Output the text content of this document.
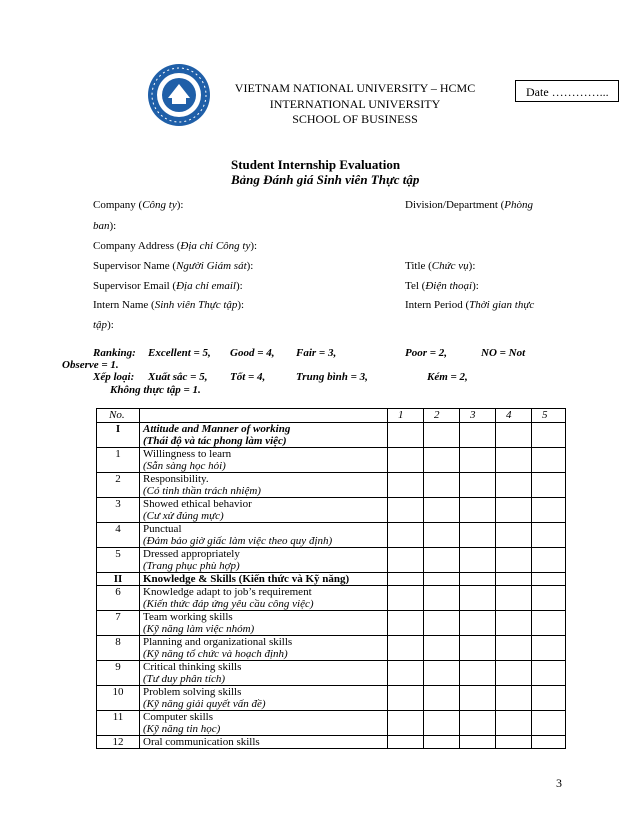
VIETNAM NATIONAL UNIVERSITY – HCMC
INTERNATIONAL UNIVERSITY
SCHOOL OF BUSINESS
Date …………...
Student Internship Evaluation
Bảng Đánh giá Sinh viên Thực tập
Company (Công ty):	Division/Department (Phòng
ban):
Company Address (Địa chỉ Công ty):
Supervisor Name (Người Giám sát):	Title (Chức vụ):
Supervisor Email (Địa chỉ email):	Tel (Điện thoại):
Intern Name (Sinh viên Thực tập):	Intern Period (Thời gian thực
tập):
Ranking: Excellent = 5, Good = 4, Fair = 3,	Poor = 2,	NO = Not
Observe = 1.
Xếp loại: Xuất sắc = 5, Tốt = 4,	Trung bình = 3,	Kém = 2,
Không thực tập = 1.
No.		1	2	3	4	5
I	Attitude and Manner of working
(Thái độ và tác phong làm việc)					

1	Willingness to learn
(Sẵn sàng học hỏi)					

2	Responsibility.
(Có tinh thần trách nhiệm)					

3	Showed ethical behavior
(Cư xử đúng mực)					

4	Punctual
(Đảm bảo giờ giấc làm việc theo quy định)					

5	Dressed appropriately
(Trang phục phù hợp)					

II	Knowledge & Skills (Kiến thức và Kỹ năng)					
6	Knowledge adapt to job’s requirement
(Kiến thức đáp ứng yêu cầu công việc)					

7	Team working skills
(Kỹ năng làm việc nhóm)					

8	Planning and organizational skills
(Kỹ năng tổ chức và hoạch định)					

9	Critical thinking skills
(Tư duy phân tích)					

10	Problem solving skills
(Kỹ năng giải quyết vấn đề)					

11	Computer skills
(Kỹ năng tin học)					

12	Oral communication skills					
3
